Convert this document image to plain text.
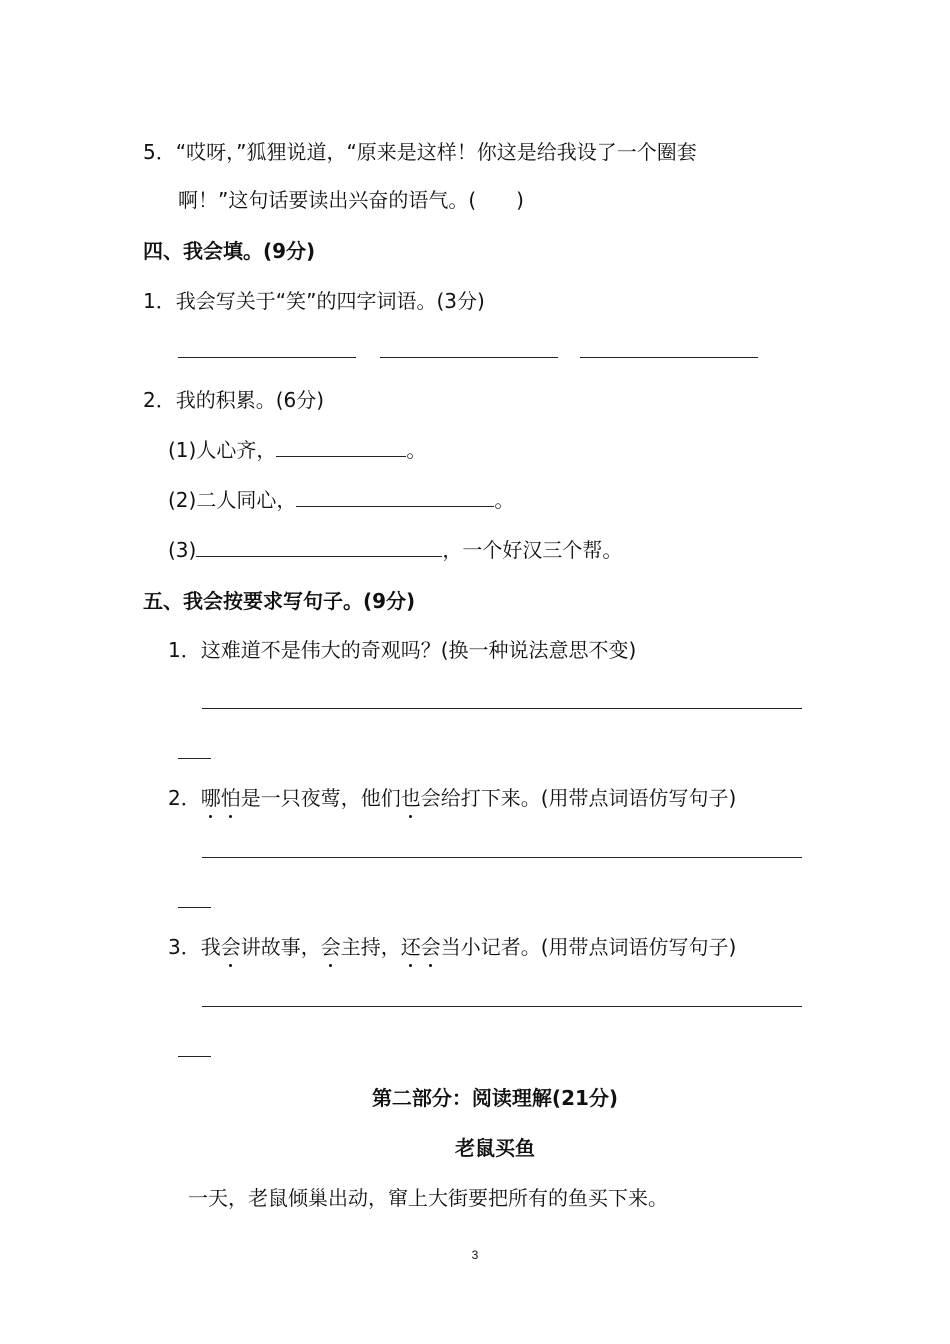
5．“哎呀，”狐狸说道，“原来是这样！你这是给我设了一个圈套
啊！”这句话要读出兴奋的语气。(　　)
四、我会填。(9分)
1．我会写关于“笑”的四字词语。(3分)
2．我的积累。(6分)
(1)人心齐，	。
(2)二人同心，	。
(3)	，一个好汉三个帮。
五、我会按要求写句子。(9分)
1．这难道不是伟大的奇观吗？(换一种说法意思不变)
2．哪怕是一只夜莺，他们也会给打下来。(用带点词语仿写句子)
3．我会讲故事，会主持，还会当小记者。(用带点词语仿写句子)
第二部分：阅读理解(21分)
老鼠买鱼
一天，老鼠倾巢出动，窜上大街要把所有的鱼买下来。
3
